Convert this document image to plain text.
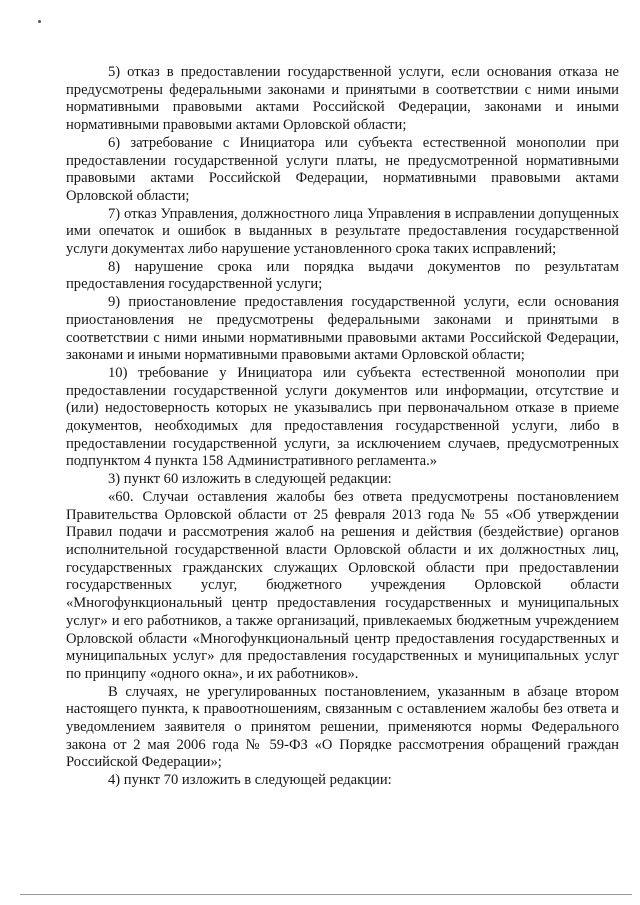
5) отказ в предоставлении государственной услуги, если основания отказа не предусмотрены федеральными законами и принятыми в соответствии с ними иными нормативными правовыми актами Российской Федерации, законами и иными нормативными правовыми актами Орловской области;

6) затребование с Инициатора или субъекта естественной монополии при предоставлении государственной услуги платы, не предусмотренной нормативными правовыми актами Российской Федерации, нормативными правовыми актами Орловской области;

7) отказ Управления, должностного лица Управления в исправлении допущенных ими опечаток и ошибок в выданных в результате предоставления государственной услуги документах либо нарушение установленного срока таких исправлений;

8) нарушение срока или порядка выдачи документов по результатам предоставления государственной услуги;

9) приостановление предоставления государственной услуги, если основания приостановления не предусмотрены федеральными законами и принятыми в соответствии с ними иными нормативными правовыми актами Российской Федерации, законами и иными нормативными правовыми актами Орловской области;

10) требование у Инициатора или субъекта естественной монополии при предоставлении государственной услуги документов или информации, отсутствие и (или) недостоверность которых не указывались при первоначальном отказе в приеме документов, необходимых для предоставления государственной услуги, либо в предоставлении государственной услуги, за исключением случаев, предусмотренных подпунктом 4 пункта 158 Административного регламента.»

3) пункт 60 изложить в следующей редакции:

«60. Случаи оставления жалобы без ответа предусмотрены постановлением Правительства Орловской области от 25 февраля 2013 года № 55 «Об утверждении Правил подачи и рассмотрения жалоб на решения и действия (бездействие) органов исполнительной государственной власти Орловской области и их должностных лиц, государственных гражданских служащих Орловской области при предоставлении государственных услуг, бюджетного учреждения Орловской области «Многофункциональный центр предоставления государственных и муниципальных услуг» и его работников, а также организаций, привлекаемых бюджетным учреждением Орловской области «Многофункциональный центр предоставления государственных и муниципальных услуг» для предоставления государственных и муниципальных услуг по принципу «одного окна», и их работников».

В случаях, не урегулированных постановлением, указанным в абзаце втором настоящего пункта, к правоотношениям, связанным с оставлением жалобы без ответа и уведомлением заявителя о принятом решении, применяются нормы Федерального закона от 2 мая 2006 года № 59-ФЗ «О Порядке рассмотрения обращений граждан Российской Федерации»;

4) пункт 70 изложить в следующей редакции:
